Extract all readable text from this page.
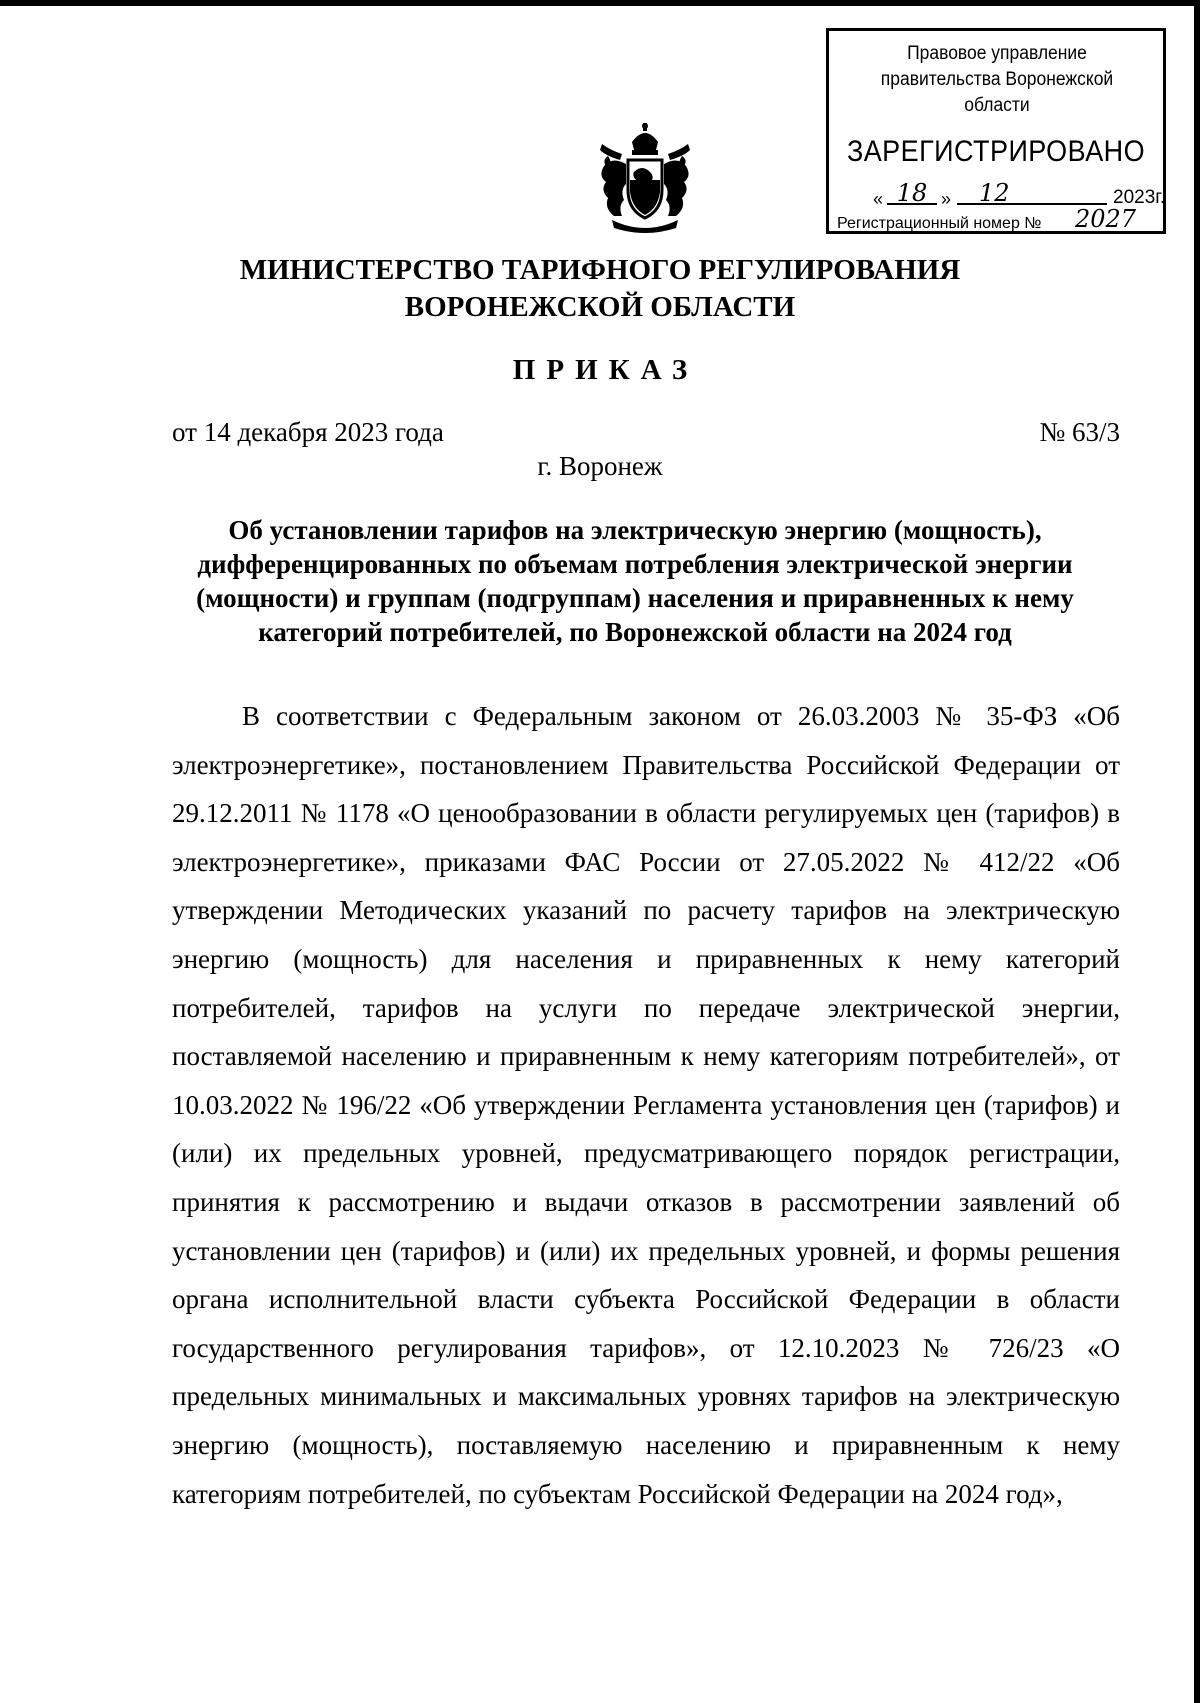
Правовое управление правительства Воронежской области
ЗАРЕГИСТРИРОВАНО
« 18 »	12	2023г.
Регистрационный номер № 2027
МИНИСТЕРСТВО ТАРИФНОГО РЕГУЛИРОВАНИЯ
ВОРОНЕЖСКОЙ ОБЛАСТИ
ПРИКАЗ
от 14 декабря 2023 года	№ 63/3
г. Воронеж
Об установлении тарифов на электрическую энергию (мощность), дифференцированных по объемам потребления электрической энергии (мощности) и группам (подгруппам) населения и приравненных к нему категорий потребителей, по Воронежской области на 2024 год

В соответствии с Федеральным законом от 26.03.2003 № 35-ФЗ «Об электроэнергетике», постановлением Правительства Российской Федерации от 29.12.2011 № 1178 «О ценообразовании в области регулируемых цен (тарифов) в электроэнергетике», приказами ФАС России от 27.05.2022 № 412/22 «Об утверждении Методических указаний по расчету тарифов на электрическую энергию (мощность) для населения и приравненных к нему категорий потребителей, тарифов на услуги по передаче электрической энергии, поставляемой населению и приравненным к нему категориям потребителей», от 10.03.2022 № 196/22 «Об утверждении Регламента установления цен (тарифов) и (или) их предельных уровней, предусматривающего порядок регистрации, принятия к рассмотрению и выдачи отказов в рассмотрении заявлений об установлении цен (тарифов) и (или) их предельных уровней, и формы решения органа исполнительной власти субъекта Российской Федерации в области государственного регулирования тарифов», от 12.10.2023 № 726/23 «О предельных минимальных и максимальных уровнях тарифов на электрическую энергию (мощность), поставляемую населению и приравненным к нему категориям потребителей, по субъектам Российской Федерации на 2024 год»,
